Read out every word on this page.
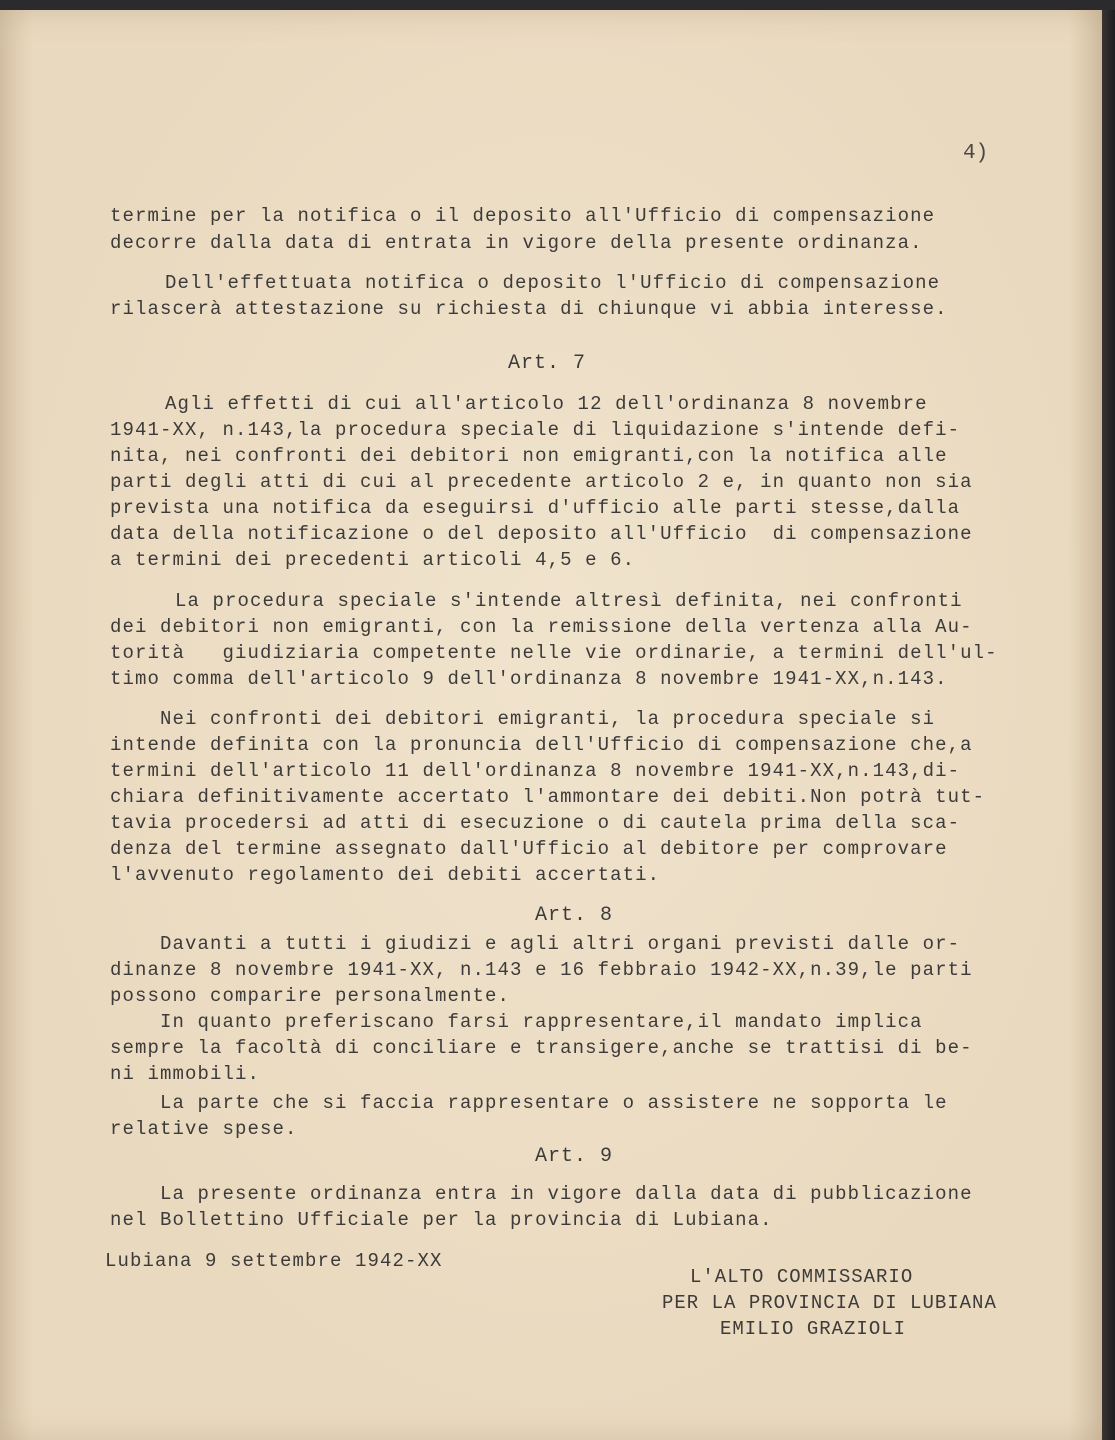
4)
termine per la notifica o il deposito all'Ufficio di compensazione
decorre dalla data di entrata in vigore della presente ordinanza.
Dell'effettuata notifica o deposito l'Ufficio di compensazione
rilascerà attestazione su richiesta di chiunque vi abbia interesse.
Art. 7
Agli effetti di cui all'articolo 12 dell'ordinanza 8 novembre
1941-XX, n.143,la procedura speciale di liquidazione s'intende defi-
nita, nei confronti dei debitori non emigranti,con la notifica alle
parti degli atti di cui al precedente articolo 2 e, in quanto non sia
prevista una notifica da eseguirsi d'ufficio alle parti stesse,dalla
data della notificazione o del deposito all'Ufficio  di compensazione
a termini dei precedenti articoli 4,5 e 6.
La procedura speciale s'intende altresì definita, nei confronti
dei debitori non emigranti, con la remissione della vertenza alla Au-
torità   giudiziaria competente nelle vie ordinarie, a termini dell'ul-
timo comma dell'articolo 9 dell'ordinanza 8 novembre 1941-XX,n.143.
Nei confronti dei debitori emigranti, la procedura speciale si
intende definita con la pronuncia dell'Ufficio di compensazione che,a
termini dell'articolo 11 dell'ordinanza 8 novembre 1941-XX,n.143,di-
chiara definitivamente accertato l'ammontare dei debiti.Non potrà tut-
tavia procedersi ad atti di esecuzione o di cautela prima della sca-
denza del termine assegnato dall'Ufficio al debitore per comprovare
l'avvenuto regolamento dei debiti accertati.
Art. 8
Davanti a tutti i giudizi e agli altri organi previsti dalle or-
dinanze 8 novembre 1941-XX, n.143 e 16 febbraio 1942-XX,n.39,le parti
possono comparire personalmente.
In quanto preferiscano farsi rappresentare,il mandato implica
sempre la facoltà di conciliare e transigere,anche se trattisi di be-
ni immobili.
La parte che si faccia rappresentare o assistere ne sopporta le
relative spese.
Art. 9
La presente ordinanza entra in vigore dalla data di pubblicazione
nel Bollettino Ufficiale per la provincia di Lubiana.
Lubiana 9 settembre 1942-XX
L'ALTO COMMISSARIO
PER LA PROVINCIA DI LUBIANA
EMILIO GRAZIOLI
